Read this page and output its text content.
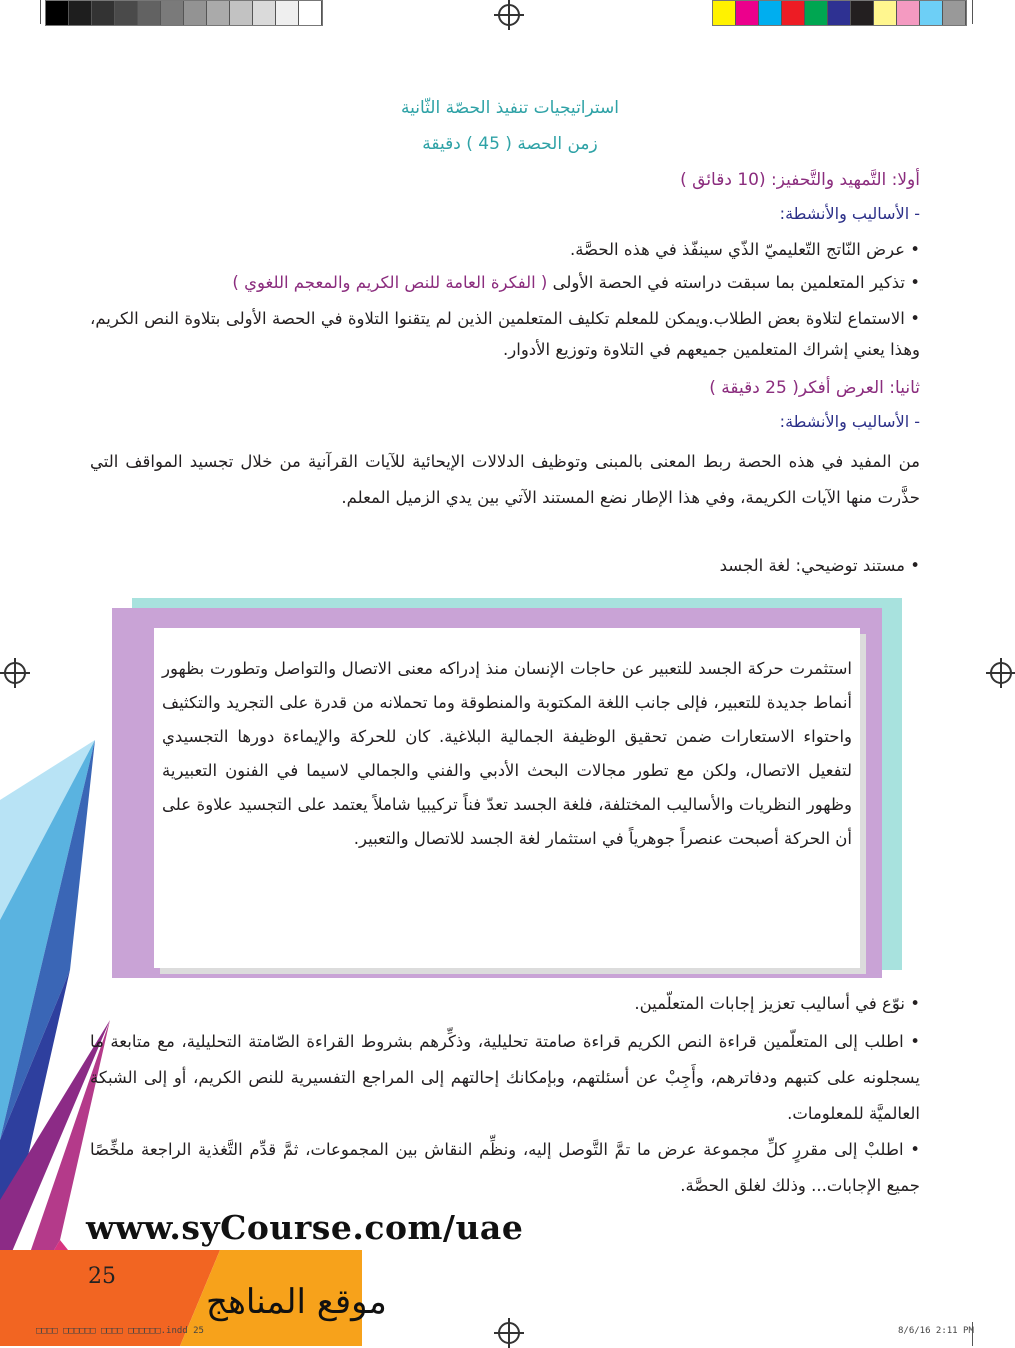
استراتيجيات تنفيذ الحصّة الثّانية
زمن الحصة ( 45 ) دقيقة
أولا: التَّمهيد والتَّحفيز: (10 دقائق )
- الأساليب والأنشطة:
• عرض النّاتج التّعليميّ الذّي سينفّذ في هذه الحصَّة.
• تذكير المتعلمين بما سبقت دراسته في الحصة الأولى ( الفكرة العامة للنص الكريم والمعجم اللغوي )
• الاستماع لتلاوة بعض الطلاب.ويمكن للمعلم تكليف المتعلمين الذين لم يتقنوا التلاوة في الحصة الأولى بتلاوة النص الكريم، وهذا يعني إشراك المتعلمين جميعهم في التلاوة وتوزيع الأدوار.
ثانيا: العرض أفكر( 25 دقيقة )
- الأساليب والأنشطة:
من المفيد في هذه الحصة ربط المعنى بالمبنى وتوظيف الدلالات الإيحائية للآيات القرآنية من خلال تجسيد المواقف التي حذَّرت منها الآيات الكريمة، وفي هذا الإطار نضع المستند الآتي بين يدي الزميل المعلم.
• مستند توضيحي: لغة الجسد
استثمرت حركة الجسد للتعبير عن حاجات الإنسان منذ إدراكه معنى الاتصال والتواصل وتطورت بظهور أنماط جديدة للتعبير، فإلى جانب اللغة المكتوبة والمنطوقة وما تحملانه من قدرة على التجريد والتكثيف واحتواء الاستعارات ضمن تحقيق الوظيفة الجمالية البلاغية. كان للحركة والإيماءة دورها التجسيدي لتفعيل الاتصال، ولكن مع تطور مجالات البحث الأدبي والفني والجمالي لاسيما في الفنون التعبيرية وظهور النظريات والأساليب المختلفة، فلغة الجسد تعدّ فناً تركيبيا شاملاً يعتمد على التجسيد علاوة على أن الحركة أصبحت عنصراً جوهرياً في استثمار لغة الجسد للاتصال والتعبير.
• نوّع في أساليب تعزيز إجابات المتعلّمين.
• اطلب إلى المتعلّمين قراءة النص الكريم قراءة صامتة تحليلية، وذكِّرهم بشروط القراءة الصّامتة التحليلية، مع متابعة ما يسجلونه على كتبهم ودفاترهم، وأَجِبْ عن أسئلتهم، وبإمكانك إحالتهم إلى المراجع التفسيرية للنص الكريم، أو إلى الشبكة العالميَّة للمعلومات.
• اطلبْ إلى مقررٍ كلِّ مجموعة عرض ما تمَّ التَّوصل إليه، ونظِّم النقاش بين المجموعات، ثمَّ قدِّم التَّغذية الراجعة ملخِّصًا جميع الإجابات... وذلك لغلق الحصَّة.
www.syCourse.com/uae
25
موقع المناهج
□□□□ □□□□□□ □□□□ □□□□□□.indd 25	8/6/16 2:11 PM
